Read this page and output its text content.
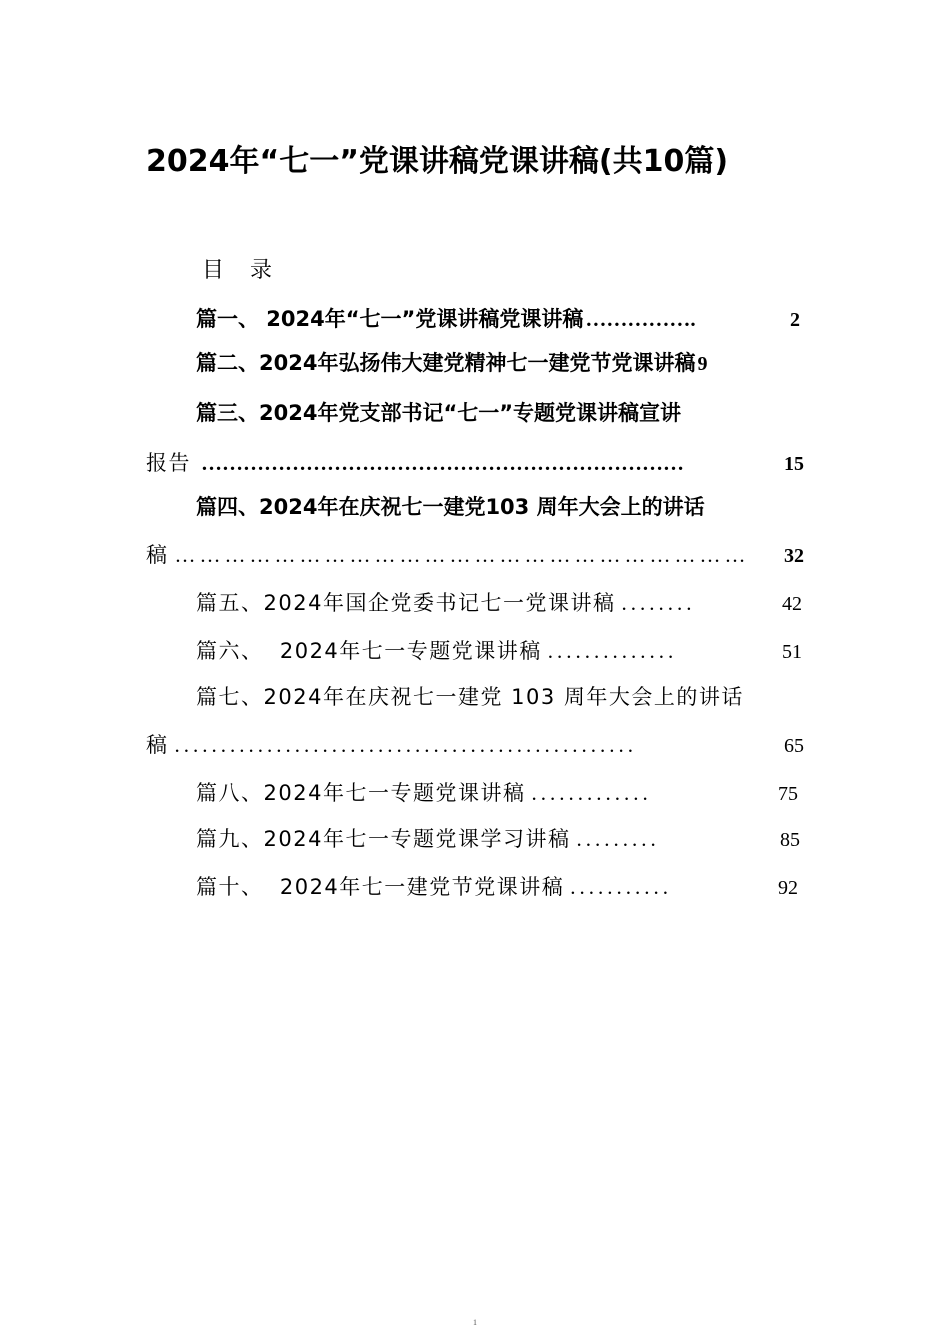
2024年“七一”党课讲稿党课讲稿(共10篇)
目 录
篇一、 2024年“七一”党课讲稿党课讲稿 …………….	2
篇二、2024年弘扬伟大建党精神七一建党节党课讲稿 9
篇三、2024年党支部书记“七一”专题党课讲稿宣讲
报告 ……………………………………………………………	15
篇四、2024年在庆祝七一建党103 周年大会上的讲话
稿 ……………………………………………………………	32
篇五、2024年国企党委书记七一党课讲稿 ........	42
篇六、  2024年七一专题党课讲稿 ..............	51
篇七、2024年在庆祝七一建党 103 周年大会上的讲话
稿 ..................................................	65
篇八、2024年七一专题党课讲稿 .............	75
篇九、2024年七一专题党课学习讲稿 .........	85
篇十、  2024年七一建党节党课讲稿 ...........	92
1
